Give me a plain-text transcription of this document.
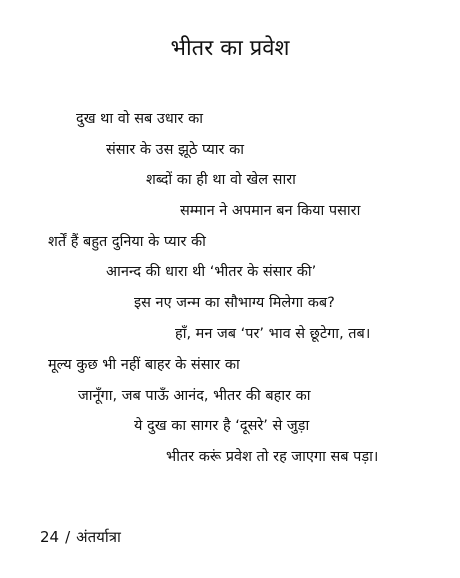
भीतर का प्रवेश
दुख था वो सब उधार का
संसार के उस झूठे प्यार का
शब्दों का ही था वो खेल सारा
सम्मान ने अपमान बन किया पसारा
शर्तें हैं बहुत दुनिया के प्यार की
आनन्द की धारा थी ‘भीतर के संसार की’
इस नए जन्म का सौभाग्य मिलेगा कब?
हाँ, मन जब ‘पर’ भाव से छूटेगा, तब।
मूल्य कुछ भी नहीं बाहर के संसार का
जानूँगा, जब पाऊँ आनंद, भीतर की बहार का
ये दुख का सागर है ‘दूसरे’ से जुड़ा
भीतर करूं प्रवेश तो रह जाएगा सब पड़ा।
24 / अंतर्यात्रा
